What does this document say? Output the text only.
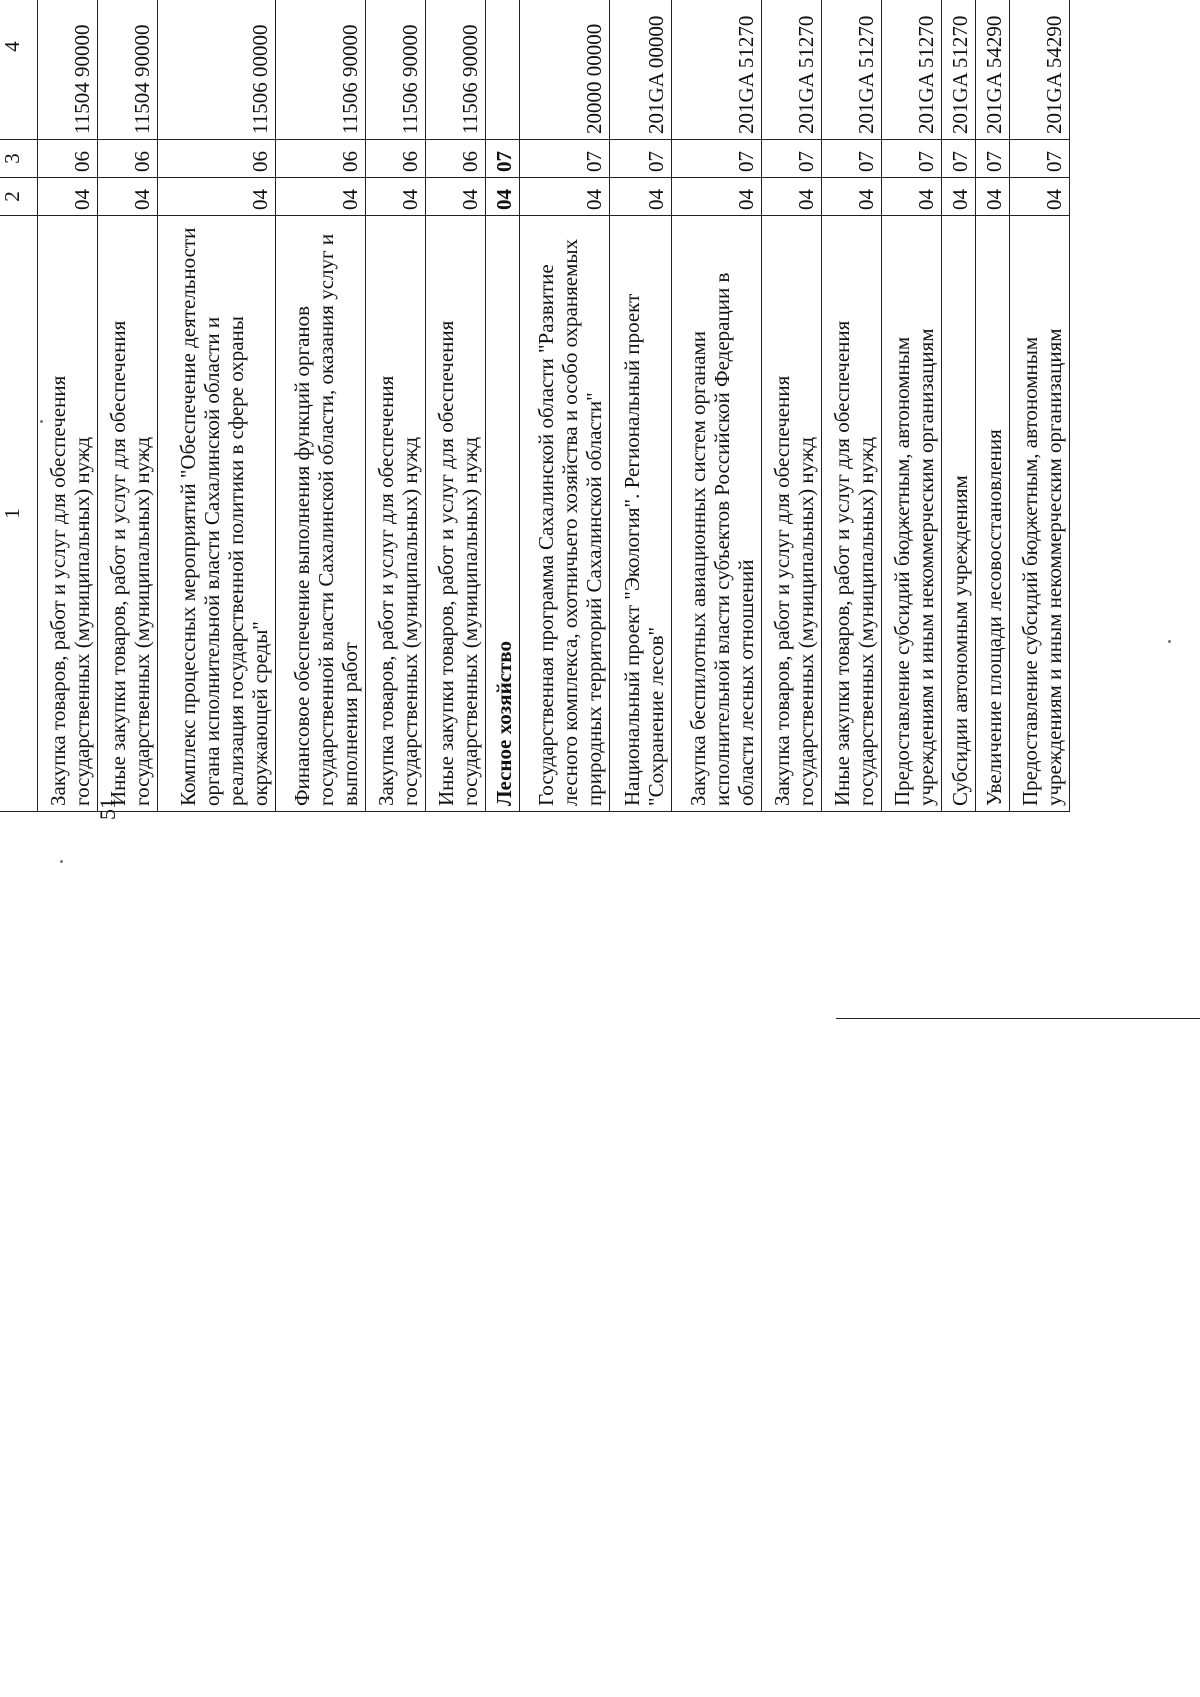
51
1	2	3	4				
Закупка товаров, работ и услуг для обеспечения государственных (муниципальных) нужд	04	06	11504 90000				
Иные закупки товаров, работ и услуг для обеспечения государственных (муниципальных) нужд	04	06	11504 90000				
Комплекс процессных мероприятий "Обеспечение деятельности органа исполнительной власти Сахалинской области и реализация государственной политики в сфере охраны окружающей среды"	04	06	11506 00000				
Финансовое обеспечение выполнения функций органов государственной власти Сахалинской области, оказания услуг и выполнения работ	04	06	11506 90000				
Закупка товаров, работ и услуг для обеспечения государственных (муниципальных) нужд	04	06	11506 90000				
Иные закупки товаров, работ и услуг для обеспечения государственных (муниципальных) нужд	04	06	11506 90000				
Лесное хозяйство	04	07					
Государственная программа Сахалинской области "Развитие лесного комплекса, охотничьего хозяйства и особо охраняемых природных территорий Сахалинской области"	04	07	20000 00000				
Национальный проект "Экология". Региональный проект "Сохранение лесов"	04	07	201GA 00000				
Закупка беспилотных авиационных систем органами исполнительной власти субъектов Российской Федерации в области лесных отношений	04	07	201GA 51270				
Закупка товаров, работ и услуг для обеспечения государственных (муниципальных) нужд	04	07	201GA 51270				
Иные закупки товаров, работ и услуг для обеспечения государственных (муниципальных) нужд	04	07	201GA 51270				
Предоставление субсидий бюджетным, автономным учреждениям и иным некоммерческим организациям	04	07	201GA 51270				
Субсидии автономным учреждениям	04	07	201GA 51270				
Увеличение площади лесовосстановления	04	07	201GA 54290				
Предоставление субсидий бюджетным, автономным учреждениям и иным некоммерческим организациям	04	07	201GA 54290				
